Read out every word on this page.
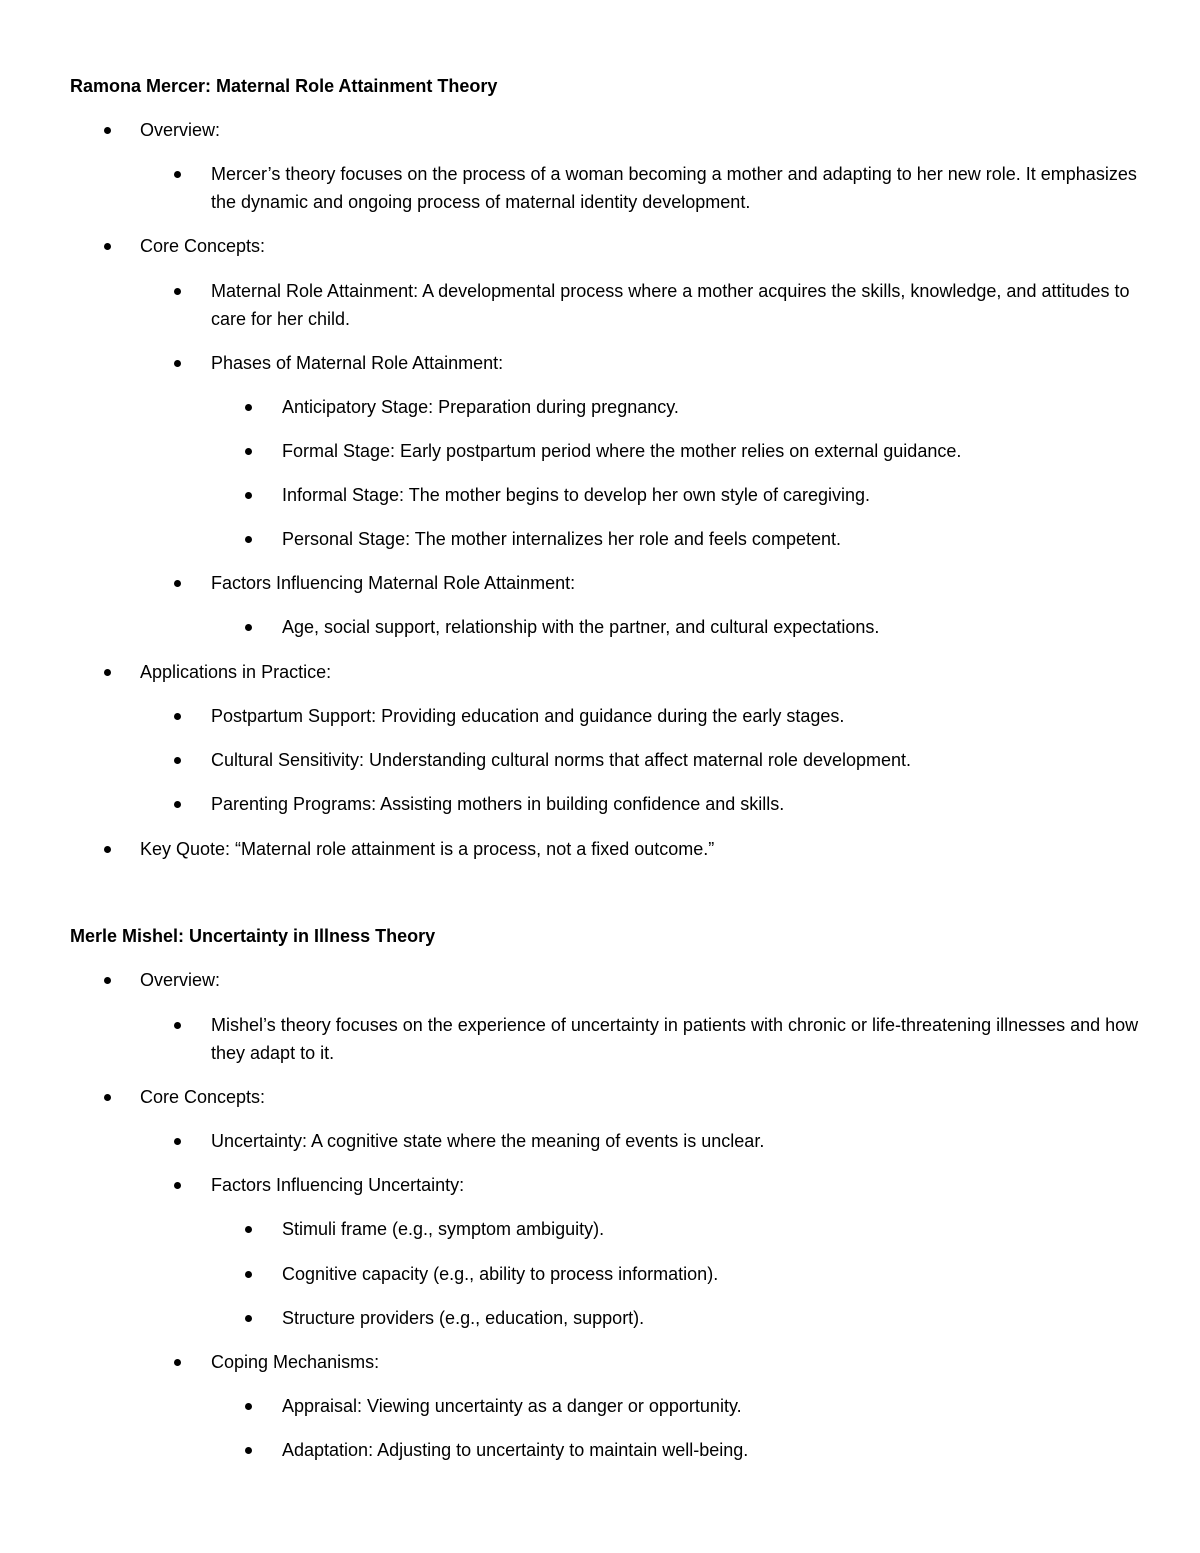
Ramona Mercer: Maternal Role Attainment Theory
Overview:
Mercer’s theory focuses on the process of a woman becoming a mother and adapting to her new role. It emphasizes the dynamic and ongoing process of maternal identity development.
Core Concepts:
Maternal Role Attainment: A developmental process where a mother acquires the skills, knowledge, and attitudes to care for her child.
Phases of Maternal Role Attainment:
Anticipatory Stage: Preparation during pregnancy.
Formal Stage: Early postpartum period where the mother relies on external guidance.
Informal Stage: The mother begins to develop her own style of caregiving.
Personal Stage: The mother internalizes her role and feels competent.
Factors Influencing Maternal Role Attainment:
Age, social support, relationship with the partner, and cultural expectations.
Applications in Practice:
Postpartum Support: Providing education and guidance during the early stages.
Cultural Sensitivity: Understanding cultural norms that affect maternal role development.
Parenting Programs: Assisting mothers in building confidence and skills.
Key Quote: “Maternal role attainment is a process, not a fixed outcome.”
Merle Mishel: Uncertainty in Illness Theory
Overview:
Mishel’s theory focuses on the experience of uncertainty in patients with chronic or life-threatening illnesses and how they adapt to it.
Core Concepts:
Uncertainty: A cognitive state where the meaning of events is unclear.
Factors Influencing Uncertainty:
Stimuli frame (e.g., symptom ambiguity).
Cognitive capacity (e.g., ability to process information).
Structure providers (e.g., education, support).
Coping Mechanisms:
Appraisal: Viewing uncertainty as a danger or opportunity.
Adaptation: Adjusting to uncertainty to maintain well-being.
